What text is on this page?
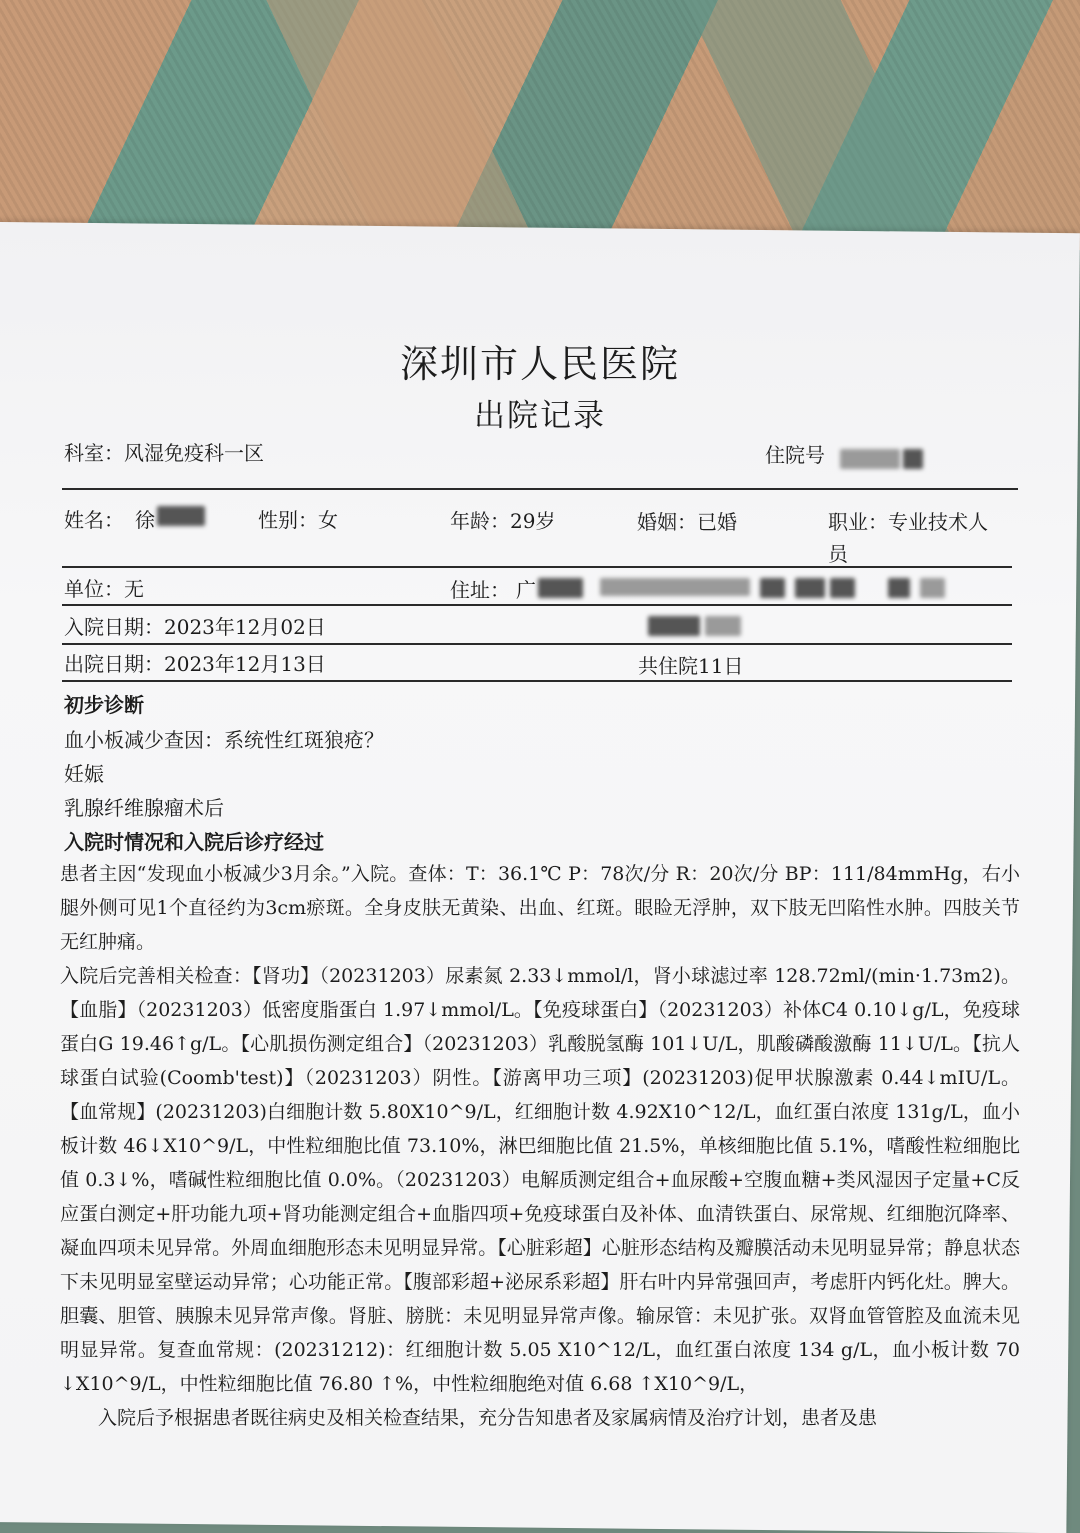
深圳市人民医院
出院记录
科室：风湿免疫科一区	住院号
姓名： 徐	性别：女	年龄：29岁	婚姻：已婚	职业：专业技术人
员
单位：无	住址： 广
入院日期：2023年12月02日
出院日期：2023年12月13日	共住院11日
初步诊断
血小板减少查因：系统性红斑狼疮？
妊娠
乳腺纤维腺瘤术后
入院时情况和入院后诊疗经过

患者主因“发现血小板减少3月余。”入院。查体：T：36.1℃ P：78次/分 R：20次/分 BP：111/84mmHg，右小腿外侧可见1个直径约为3cm瘀斑。全身皮肤无黄染、出血、红斑。眼睑无浮肿，双下肢无凹陷性水肿。四肢关节无红肿痛。

入院后完善相关检查：【肾功】（20231203）尿素氮 2.33↓mmol/l，肾小球滤过率 128.72ml/(min·1.73m2)。【血脂】（20231203）低密度脂蛋白 1.97↓mmol/L。【免疫球蛋白】（20231203）补体C4 0.10↓g/L，免疫球蛋白G 19.46↑g/L。【心肌损伤测定组合】（20231203）乳酸脱氢酶 101↓U/L，肌酸磷酸激酶 11↓U/L。【抗人球蛋白试验(Coomb'test)】（20231203）阴性。【游离甲功三项】(20231203)促甲状腺激素 0.44↓mIU/L。【血常规】(20231203)白细胞计数 5.80X10^9/L，红细胞计数 4.92X10^12/L，血红蛋白浓度 131g/L，血小板计数 46↓X10^9/L，中性粒细胞比值 73.10%，淋巴细胞比值 21.5%，单核细胞比值 5.1%，嗜酸性粒细胞比值 0.3↓%，嗜碱性粒细胞比值 0.0%。（20231203）电解质测定组合+血尿酸+空腹血糖+类风湿因子定量+C反应蛋白测定+肝功能九项+肾功能测定组合+血脂四项+免疫球蛋白及补体、血清铁蛋白、尿常规、红细胞沉降率、凝血四项未见异常。外周血细胞形态未见明显异常。【心脏彩超】心脏形态结构及瓣膜活动未见明显异常；静息状态下未见明显室壁运动异常；心功能正常。【腹部彩超+泌尿系彩超】肝右叶内异常强回声，考虑肝内钙化灶。脾大。胆囊、胆管、胰腺未见异常声像。肾脏、膀胱：未见明显异常声像。输尿管：未见扩张。双肾血管管腔及血流未见明显异常。复查血常规：(20231212)：红细胞计数 5.05 X10^12/L，血红蛋白浓度 134 g/L，血小板计数 70 ↓X10^9/L，中性粒细胞比值 76.80 ↑%，中性粒细胞绝对值 6.68 ↑X10^9/L，

入院后予根据患者既往病史及相关检查结果，充分告知患者及家属病情及治疗计划，患者及患
